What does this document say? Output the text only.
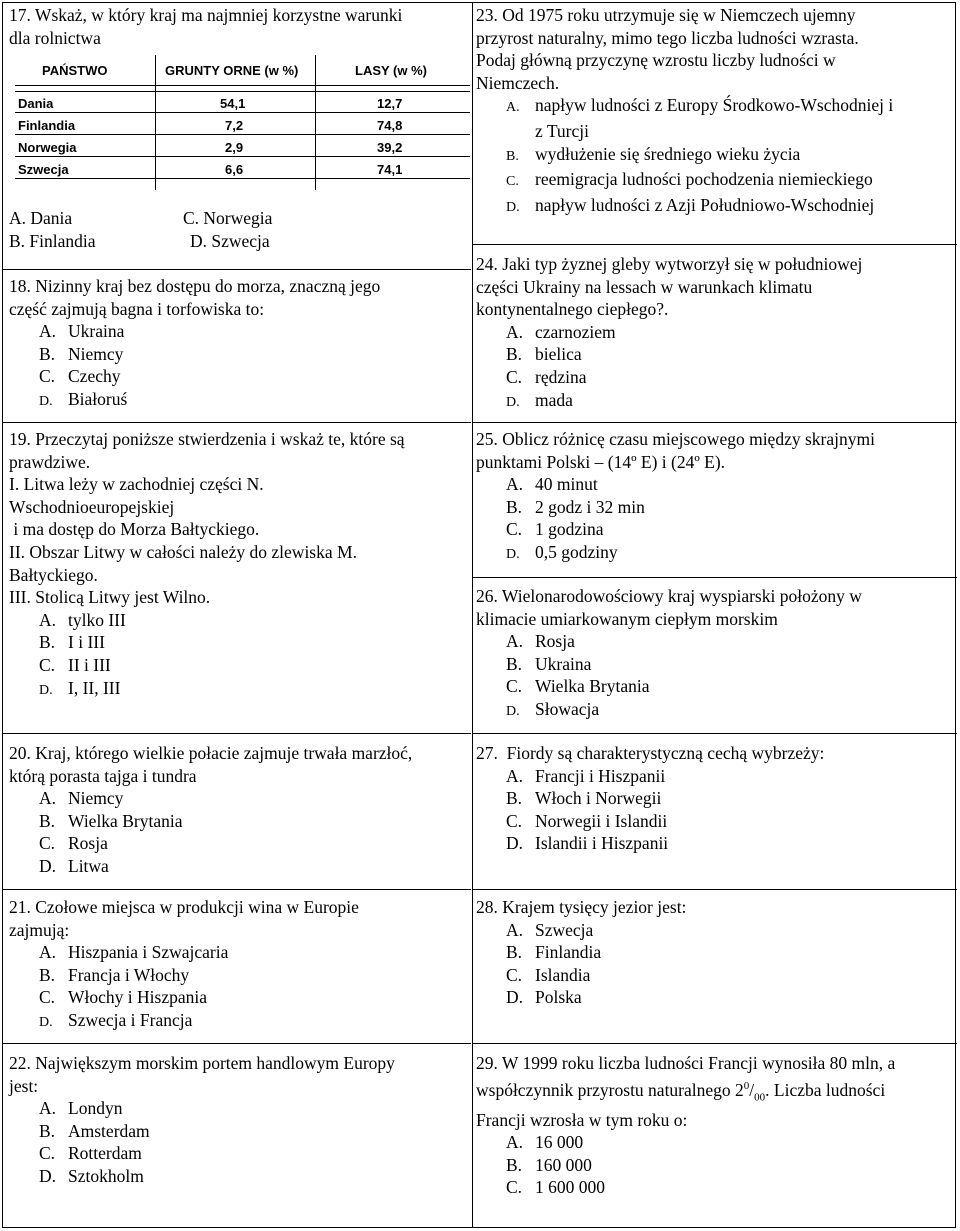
17. Wskaż, w który kraj ma najmniej korzystne warunki
dla rolnictwa
PAŃSTWO	GRUNTY ORNE (w %)	LASY (w %)
Dania	54,1	12,7
Finlandia	7,2	74,8
Norwegia	2,9	39,2
Szwecja	6,6	74,1
A. Dania	C. Norwegia

B. Finlandia	D. Szwecja

18. Nizinny kraj bez dostępu do morza, znaczną jego
część zajmują bagna i torfowiska to:
A. Ukraina
B. Niemcy
C. Czechy
D. Białoruś
19. Przeczytaj poniższe stwierdzenia i wskaż te, które są
prawdziwe.
I. Litwa leży w zachodniej części N.
Wschodnioeuropejskiej
i ma dostęp do Morza Bałtyckiego.
II. Obszar Litwy w całości należy do zlewiska M.
Bałtyckiego.
III. Stolicą Litwy jest Wilno.
A. tylko III
B. I i III
C. II i III
D. I, II, III
20. Kraj, którego wielkie połacie zajmuje trwała marzłoć,
którą porasta tajga i tundra
A. Niemcy
B. Wielka Brytania
C. Rosja
D. Litwa
21. Czołowe miejsca w produkcji wina w Europie
zajmują:
A. Hiszpania i Szwajcaria
B. Francja i Włochy
C. Włochy i Hiszpania
D. Szwecja i Francja
22. Największym morskim portem handlowym Europy
jest:
A. Londyn
B. Amsterdam
C. Rotterdam
D. Sztokholm
23. Od 1975 roku utrzymuje się w Niemczech ujemny
przyrost naturalny, mimo tego liczba ludności wzrasta.
Podaj główną przyczynę wzrostu liczby ludności w
Niemczech.
A. napływ ludności z Europy Środkowo-Wschodniej i
z Turcji
B. wydłużenie się średniego wieku życia
C. reemigracja ludności pochodzenia niemieckiego
D. napływ ludności z Azji Południowo-Wschodniej
24. Jaki typ żyznej gleby wytworzył się w południowej
części Ukrainy na lessach w warunkach klimatu
kontynentalnego ciepłego?.
A. czarnoziem
B. bielica
C. rędzina
D. mada
25. Oblicz różnicę czasu miejscowego między skrajnymi
punktami Polski – (14º E) i (24º E).
A. 40 minut
B. 2 godz i 32 min
C. 1 godzina
D. 0,5 godziny
26. Wielonarodowościowy kraj wyspiarski położony w
klimacie umiarkowanym ciepłym morskim
A. Rosja
B. Ukraina
C. Wielka Brytania
D. Słowacja
27.  Fiordy są charakterystyczną cechą wybrzeży:
A. Francji i Hiszpanii
B. Włoch i Norwegii
C. Norwegii i Islandii
D. Islandii i Hiszpanii
28. Krajem tysięcy jezior jest:
A. Szwecja
B. Finlandia
C. Islandia
D. Polska
29. W 1999 roku liczba ludności Francji wynosiła 80 mln, a
współczynnik przyrostu naturalnego $2^0/_{00}$. Liczba ludności
Francji wzrosła w tym roku o:
A. 16 000
B. 160 000
C. 1 600 000
